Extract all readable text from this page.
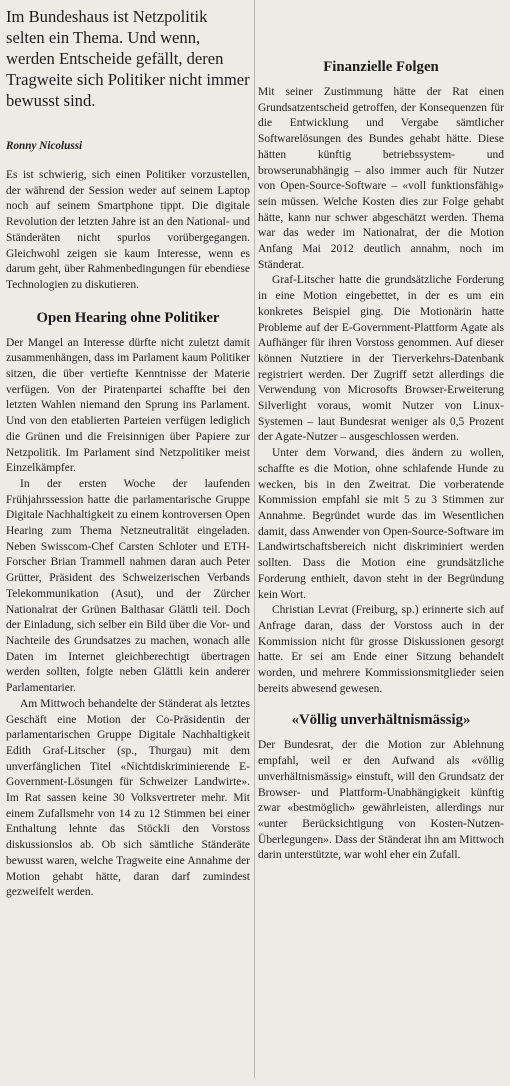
Im Bundeshaus ist Netzpolitik selten ein Thema. Und wenn, werden Entscheide gefällt, deren Tragweite sich Politiker nicht immer bewusst sind.
Ronny Nicolussi

Es ist schwierig, sich einen Politiker vorzustellen, der während der Session weder auf seinem Laptop noch auf seinem Smartphone tippt. Die digitale Revolution der letzten Jahre ist an den National- und Ständeräten nicht spurlos vorübergegangen. Gleichwohl zeigen sie kaum Interesse, wenn es darum geht, über Rahmenbedingungen für ebendiese Technologien zu diskutieren.

Open Hearing ohne Politiker

Der Mangel an Interesse dürfte nicht zuletzt damit zusammenhängen, dass im Parlament kaum Politiker sitzen, die über vertiefte Kenntnisse der Materie verfügen. Von der Piratenpartei schaffte bei den letzten Wahlen niemand den Sprung ins Parlament. Und von den etablierten Parteien verfügen lediglich die Grünen und die Freisinnigen über Papiere zur Netzpolitik. Im Parlament sind Netzpolitiker meist Einzelkämpfer.

In der ersten Woche der laufenden Frühjahrssession hatte die parlamentarische Gruppe Digitale Nachhaltigkeit zu einem kontroversen Open Hearing zum Thema Netzneutralität eingeladen. Neben Swisscom-Chef Carsten Schloter und ETH-Forscher Brian Trammell nahmen daran auch Peter Grütter, Präsident des Schweizerischen Verbands Telekommunikation (Asut), und der Zürcher Nationalrat der Grünen Balthasar Glättli teil. Doch der Einladung, sich selber ein Bild über die Vor- und Nachteile des Grundsatzes zu machen, wonach alle Daten im Internet gleichberechtigt übertragen werden sollten, folgte neben Glättli kein anderer Parlamentarier.

Am Mittwoch behandelte der Ständerat als letztes Geschäft eine Motion der Co-Präsidentin der parlamentarischen Gruppe Digitale Nachhaltigkeit Edith Graf-Litscher (sp., Thurgau) mit dem unverfänglichen Titel «Nichtdiskriminierende E-Government-Lösungen für Schweizer Landwirte». Im Rat sassen keine 30 Volksvertreter mehr. Mit einem Zufallsmehr von 14 zu 12 Stimmen bei einer Enthaltung lehnte das Stöckli den Vorstoss diskussionslos ab. Ob sich sämtliche Ständeräte bewusst waren, welche Tragweite eine Annahme der Motion gehabt hätte, daran darf zumindest gezweifelt werden.

Finanzielle Folgen

Mit seiner Zustimmung hätte der Rat einen Grundsatzentscheid getroffen, der Konsequenzen für die Entwicklung und Vergabe sämtlicher Softwarelösungen des Bundes gehabt hätte. Diese hätten künftig betriebssystem- und browserunabhängig – also immer auch für Nutzer von Open-Source-Software – «voll funktionsfähig» sein müssen. Welche Kosten dies zur Folge gehabt hätte, kann nur schwer abgeschätzt werden. Thema war das weder im Nationalrat, der die Motion Anfang Mai 2012 deutlich annahm, noch im Ständerat.

Graf-Litscher hatte die grundsätzliche Forderung in eine Motion eingebettet, in der es um ein konkretes Beispiel ging. Die Motionärin hatte Probleme auf der E-Government-Plattform Agate als Aufhänger für ihren Vorstoss genommen. Auf dieser können Nutztiere in der Tierverkehrs-Datenbank registriert werden. Der Zugriff setzt allerdings die Verwendung von Microsofts Browser-Erweiterung Silverlight voraus, womit Nutzer von Linux-Systemen – laut Bundesrat weniger als 0,5 Prozent der Agate-Nutzer – ausgeschlossen werden.

Unter dem Vorwand, dies ändern zu wollen, schaffte es die Motion, ohne schlafende Hunde zu wecken, bis in den Zweitrat. Die vorberatende Kommission empfahl sie mit 5 zu 3 Stimmen zur Annahme. Begründet wurde das im Wesentlichen damit, dass Anwender von Open-Source-Software im Landwirtschaftsbereich nicht diskriminiert werden sollten. Dass die Motion eine grundsätzliche Forderung enthielt, davon steht in der Begründung kein Wort.

Christian Levrat (Freiburg, sp.) erinnerte sich auf Anfrage daran, dass der Vorstoss auch in der Kommission nicht für grosse Diskussionen gesorgt hatte. Er sei am Ende einer Sitzung behandelt worden, und mehrere Kommissionsmitglieder seien bereits abwesend gewesen.

«Völlig unverhältnismässig»

Der Bundesrat, der die Motion zur Ablehnung empfahl, weil er den Aufwand als «völlig unverhältnismässig» einstuft, will den Grundsatz der Browser- und Plattform-Unabhängigkeit künftig zwar «bestmöglich» gewährleisten, allerdings nur «unter Berücksichtigung von Kosten-Nutzen-Überlegungen». Dass der Ständerat ihn am Mittwoch darin unterstützte, war wohl eher ein Zufall.
